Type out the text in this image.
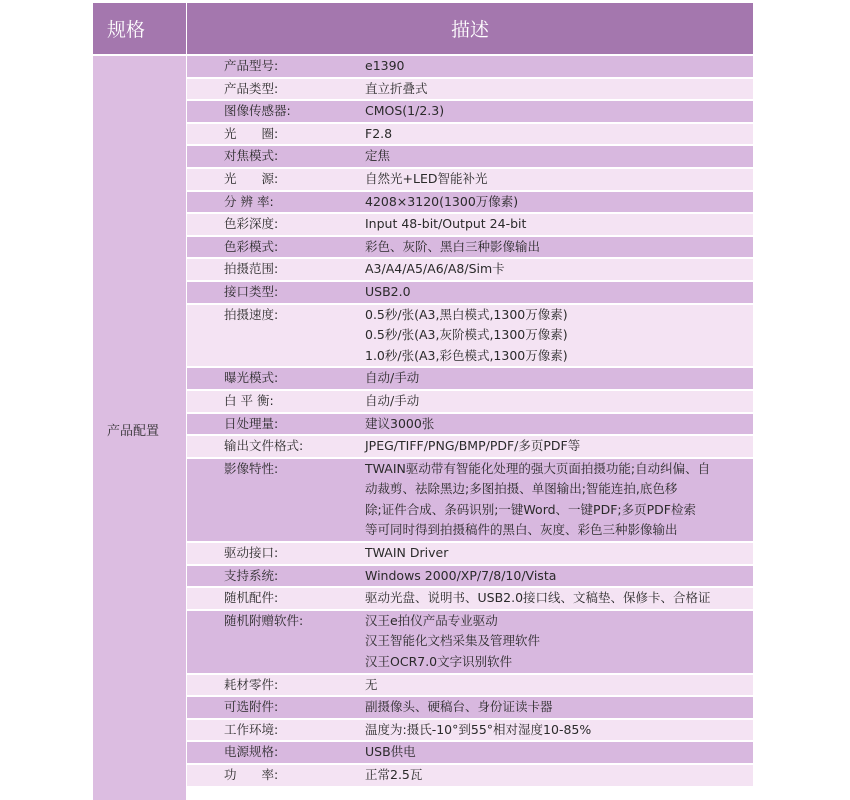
规格	描述
产品配置
产品型号:	e1390
产品类型:	直立折叠式
图像传感器:	CMOS(1/2.3)
光　　圈:	F2.8
对焦模式:	定焦
光　　源:	自然光+LED智能补光
分 辨 率:	4208×3120(1300万像素)
色彩深度:	Input 48-bit/Output 24-bit
色彩模式:	彩色、灰阶、黑白三种影像输出
拍摄范围:	A3/A4/A5/A6/A8/Sim卡
接口类型:	USB2.0
拍摄速度:	0.5秒/张(A3,黑白模式,1300万像素)
0.5秒/张(A3,灰阶模式,1300万像素)
1.0秒/张(A3,彩色模式,1300万像素)
曝光模式:	自动/手动
白 平 衡:	自动/手动
日处理量:	建议3000张
输出文件格式:	JPEG/TIFF/PNG/BMP/PDF/多页PDF等
影像特性:	TWAIN驱动带有智能化处理的强大页面拍摄功能;自动纠偏、自
动裁剪、祛除黑边;多图拍摄、单图输出;智能连拍,底色移
除;证件合成、条码识别;一键Word、一键PDF;多页PDF检索
等可同时得到拍摄稿件的黑白、灰度、彩色三种影像输出
驱动接口:	TWAIN Driver
支持系统:	Windows 2000/XP/7/8/10/Vista
随机配件:	驱动光盘、说明书、USB2.0接口线、文稿垫、保修卡、合格证
随机附赠软件:	汉王e拍仪产品专业驱动
汉王智能化文档采集及管理软件
汉王OCR7.0文字识别软件
耗材零件:	无
可选附件:	副摄像头、硬稿台、身份证读卡器
工作环境:	温度为:摄氏-10°到55°相对湿度10-85%
电源规格:	USB供电
功　　率:	正常2.5瓦
